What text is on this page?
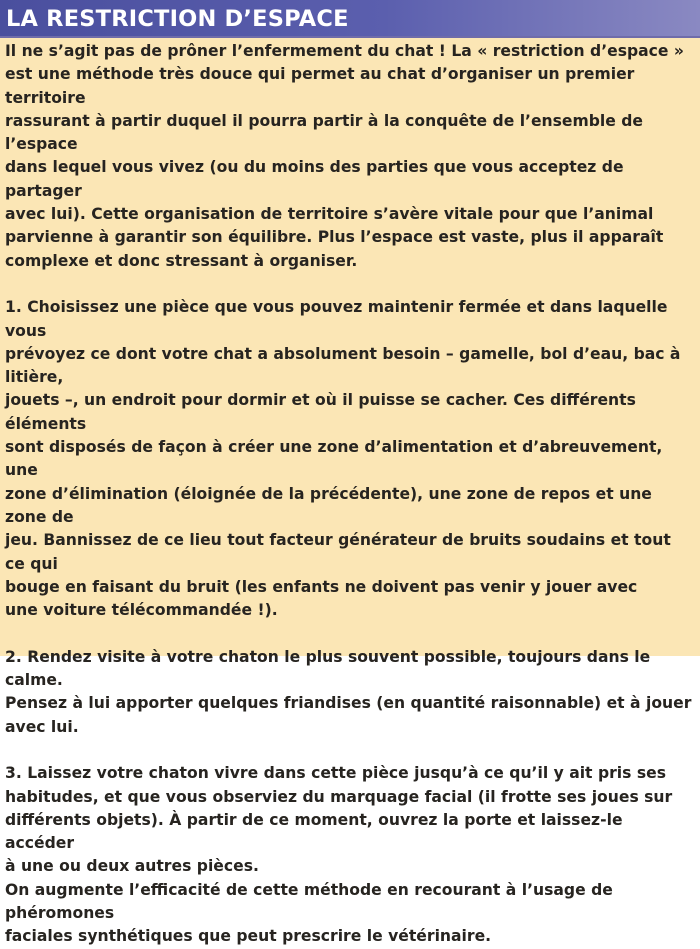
LA RESTRICTION D’ESPACE

Il ne s’agit pas de prôner l’enfermement du chat ! La « restriction d’espace »
est une méthode très douce qui permet au chat d’organiser un premier territoire
rassurant à partir duquel il pourra partir à la conquête de l’ensemble de l’espace
dans lequel vous vivez (ou du moins des parties que vous acceptez de partager
avec lui). Cette organisation de territoire s’avère vitale pour que l’animal
parvienne à garantir son équilibre. Plus l’espace est vaste, plus il apparaît
complexe et donc stressant à organiser.

1. Choisissez une pièce que vous pouvez maintenir fermée et dans laquelle vous
prévoyez ce dont votre chat a absolument besoin – gamelle, bol d’eau, bac à litière,
jouets –, un endroit pour dormir et où il puisse se cacher. Ces différents éléments
sont disposés de façon à créer une zone d’alimentation et d’abreuvement, une
zone d’élimination (éloignée de la précédente), une zone de repos et une zone de
jeu. Bannissez de ce lieu tout facteur générateur de bruits soudains et tout ce qui
bouge en faisant du bruit (les enfants ne doivent pas venir y jouer avec
une voiture télécommandée !).

2. Rendez visite à votre chaton le plus souvent possible, toujours dans le calme.
Pensez à lui apporter quelques friandises (en quantité raisonnable) et à jouer
avec lui.

3. Laissez votre chaton vivre dans cette pièce jusqu’à ce qu’il y ait pris ses
habitudes, et que vous observiez du marquage facial (il frotte ses joues sur
différents objets). À partir de ce moment, ouvrez la porte et laissez-le accéder
à une ou deux autres pièces.
On augmente l’efficacité de cette méthode en recourant à l’usage de phéromones
faciales synthétiques que peut prescrire le vétérinaire.
